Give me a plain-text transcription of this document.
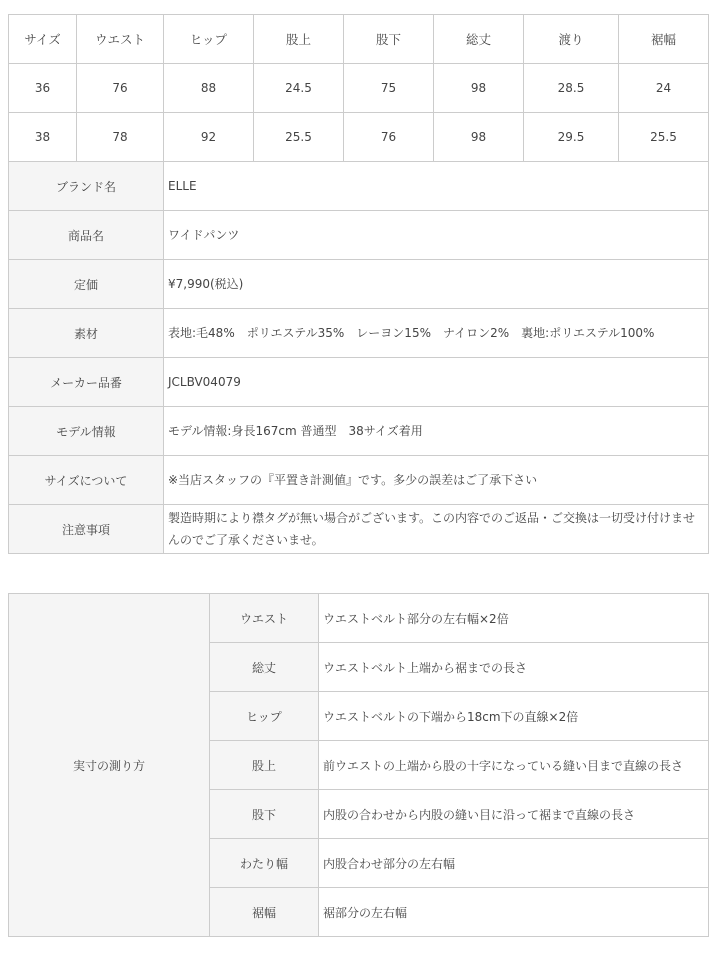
サイズ	ウエスト	ヒップ	股上	股下	総丈	渡り	裾幅
36	76	88	24.5	75	98	28.5	24
38	78	92	25.5	76	98	29.5	25.5
ブランド名		ELLE					
商品名		ワイドパンツ					
定価		¥7,990(税込)					
素材		表地:毛48%　ポリエステル35%　レーヨン15%　ナイロン2%　裏地:ポリエステル100%					
メーカー品番		JCLBV04079					
モデル情報		モデル情報:身長167cm 普通型　38サイズ着用					
サイズについて		※当店スタッフの『平置き計測値』です。多少の誤差はご了承下さい					
注意事項		製造時期により襟タグが無い場合がございます。この内容でのご返品・ご交換は一切受け付けませんのでご了承くださいませ。					
実寸の測り方	ウエスト	ウエストベルト部分の左右幅×2倍
	総丈	ウエストベルト上端から裾までの長さ
	ヒップ	ウエストベルトの下端から18cm下の直線×2倍
	股上	前ウエストの上端から股の十字になっている縫い目まで直線の長さ
	股下	内股の合わせから内股の縫い目に沿って裾まで直線の長さ
	わたり幅	内股合わせ部分の左右幅
	裾幅	裾部分の左右幅
